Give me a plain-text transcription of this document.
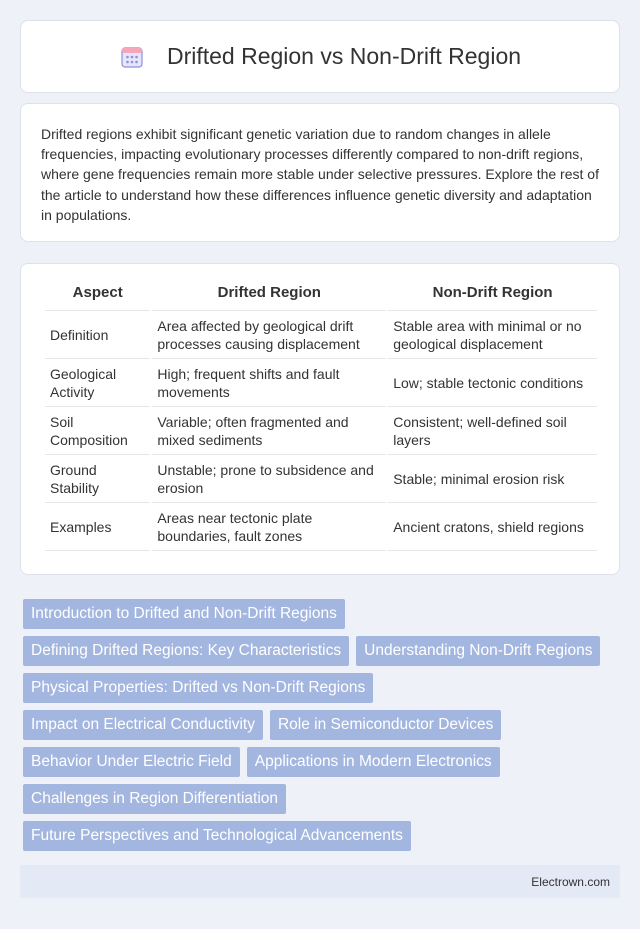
Drifted Region vs Non-Drift Region

Drifted regions exhibit significant genetic variation due to random changes in allele frequencies, impacting evolutionary processes differently compared to non-drift regions, where gene frequencies remain more stable under selective pressures. Explore the rest of the article to understand how these differences influence genetic diversity and adaptation in populations.

Aspect	Drifted Region	Non-Drift Region
Definition	Area affected by geological drift processes causing displacement	Stable area with minimal or no geological displacement
Geological Activity	High; frequent shifts and fault movements	Low; stable tectonic conditions
Soil Composition	Variable; often fragmented and mixed sediments	Consistent; well-defined soil layers
Ground Stability	Unstable; prone to subsidence and erosion	Stable; minimal erosion risk
Examples	Areas near tectonic plate boundaries, fault zones	Ancient cratons, shield regions
Introduction to Drifted and Non-Drift Regions
Defining Drifted Regions: Key Characteristics	Understanding Non-Drift Regions
Physical Properties: Drifted vs Non-Drift Regions
Impact on Electrical Conductivity	Role in Semiconductor Devices
Behavior Under Electric Field	Applications in Modern Electronics
Challenges in Region Differentiation
Future Perspectives and Technological Advancements
Electrown.com
